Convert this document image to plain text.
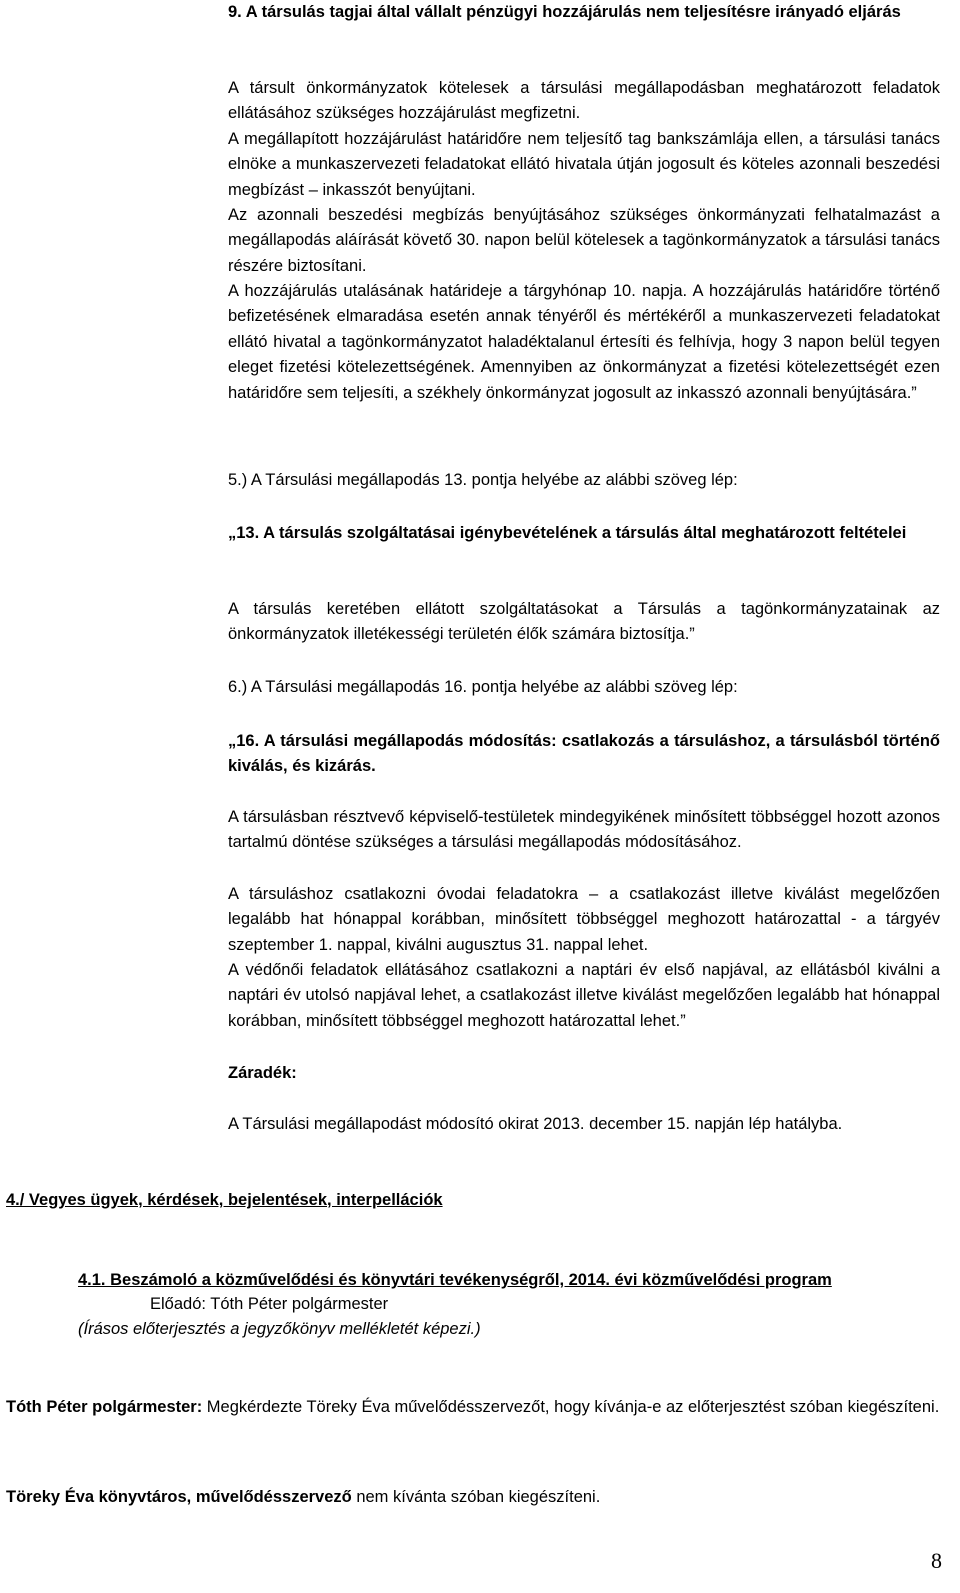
9. A társulás tagjai által vállalt pénzügyi hozzájárulás nem teljesítésre irányadó eljárás
A társult önkormányzatok kötelesek a társulási megállapodásban meghatározott feladatok ellátásához szükséges hozzájárulást megfizetni.
A megállapított hozzájárulást határidőre nem teljesítő tag bankszámlája ellen, a társulási tanács elnöke a munkaszervezeti feladatokat ellátó hivatala útján jogosult és köteles azonnali beszedési megbízást – inkasszót benyújtani.
Az azonnali beszedési megbízás benyújtásához szükséges önkormányzati felhatalmazást a megállapodás aláírását követő 30. napon belül kötelesek a tagönkormányzatok a társulási tanács részére biztosítani.
A hozzájárulás utalásának határideje a tárgyhónap 10. napja. A hozzájárulás határidőre történő befizetésének elmaradása esetén annak tényéről és mértékéről a munkaszervezeti feladatokat ellátó hivatal a tagönkormányzatot haladéktalanul értesíti és felhívja, hogy 3 napon belül tegyen eleget fizetési kötelezettségének. Amennyiben az önkormányzat a fizetési kötelezettségét ezen határidőre sem teljesíti, a székhely önkormányzat jogosult az inkasszó azonnali benyújtására.”
5.) A Társulási megállapodás 13. pontja helyébe az alábbi szöveg lép:
„13. A társulás szolgáltatásai igénybevételének a társulás által meghatározott feltételei
A társulás keretében ellátott szolgáltatásokat a Társulás a tagönkormányzatainak az önkormányzatok illetékességi területén élők számára biztosítja.”
6.) A Társulási megállapodás 16. pontja helyébe az alábbi szöveg lép:
„16. A társulási megállapodás módosítás: csatlakozás a társuláshoz, a társulásból történő kiválás, és kizárás.
A társulásban résztvevő képviselő-testületek mindegyikének minősített többséggel hozott azonos tartalmú döntése szükséges a társulási megállapodás módosításához.
A társuláshoz csatlakozni óvodai feladatokra – a csatlakozást illetve kiválást megelőzően legalább hat hónappal korábban, minősített többséggel meghozott határozattal - a tárgyév szeptember 1. nappal, kiválni augusztus 31. nappal lehet.
A védőnői feladatok ellátásához csatlakozni a naptári év első napjával, az ellátásból kiválni a naptári év utolsó napjával lehet, a csatlakozást illetve kiválást megelőzően legalább hat hónappal korábban, minősített többséggel meghozott határozattal lehet.”
Záradék:
A Társulási megállapodást módosító okirat 2013. december 15. napján lép hatályba.
4./ Vegyes ügyek, kérdések, bejelentések, interpellációk
4.1. Beszámoló a közművelődési és könyvtári tevékenységről, 2014. évi közművelődési program
Előadó: Tóth Péter polgármester
(Írásos előterjesztés a jegyzőkönyv mellékletét képezi.)
Tóth Péter polgármester: Megkérdezte Töreky Éva művelődésszervezőt, hogy kívánja-e az előterjesztést szóban kiegészíteni.
Töreky Éva könyvtáros, művelődésszervező nem kívánta szóban kiegészíteni.
8
